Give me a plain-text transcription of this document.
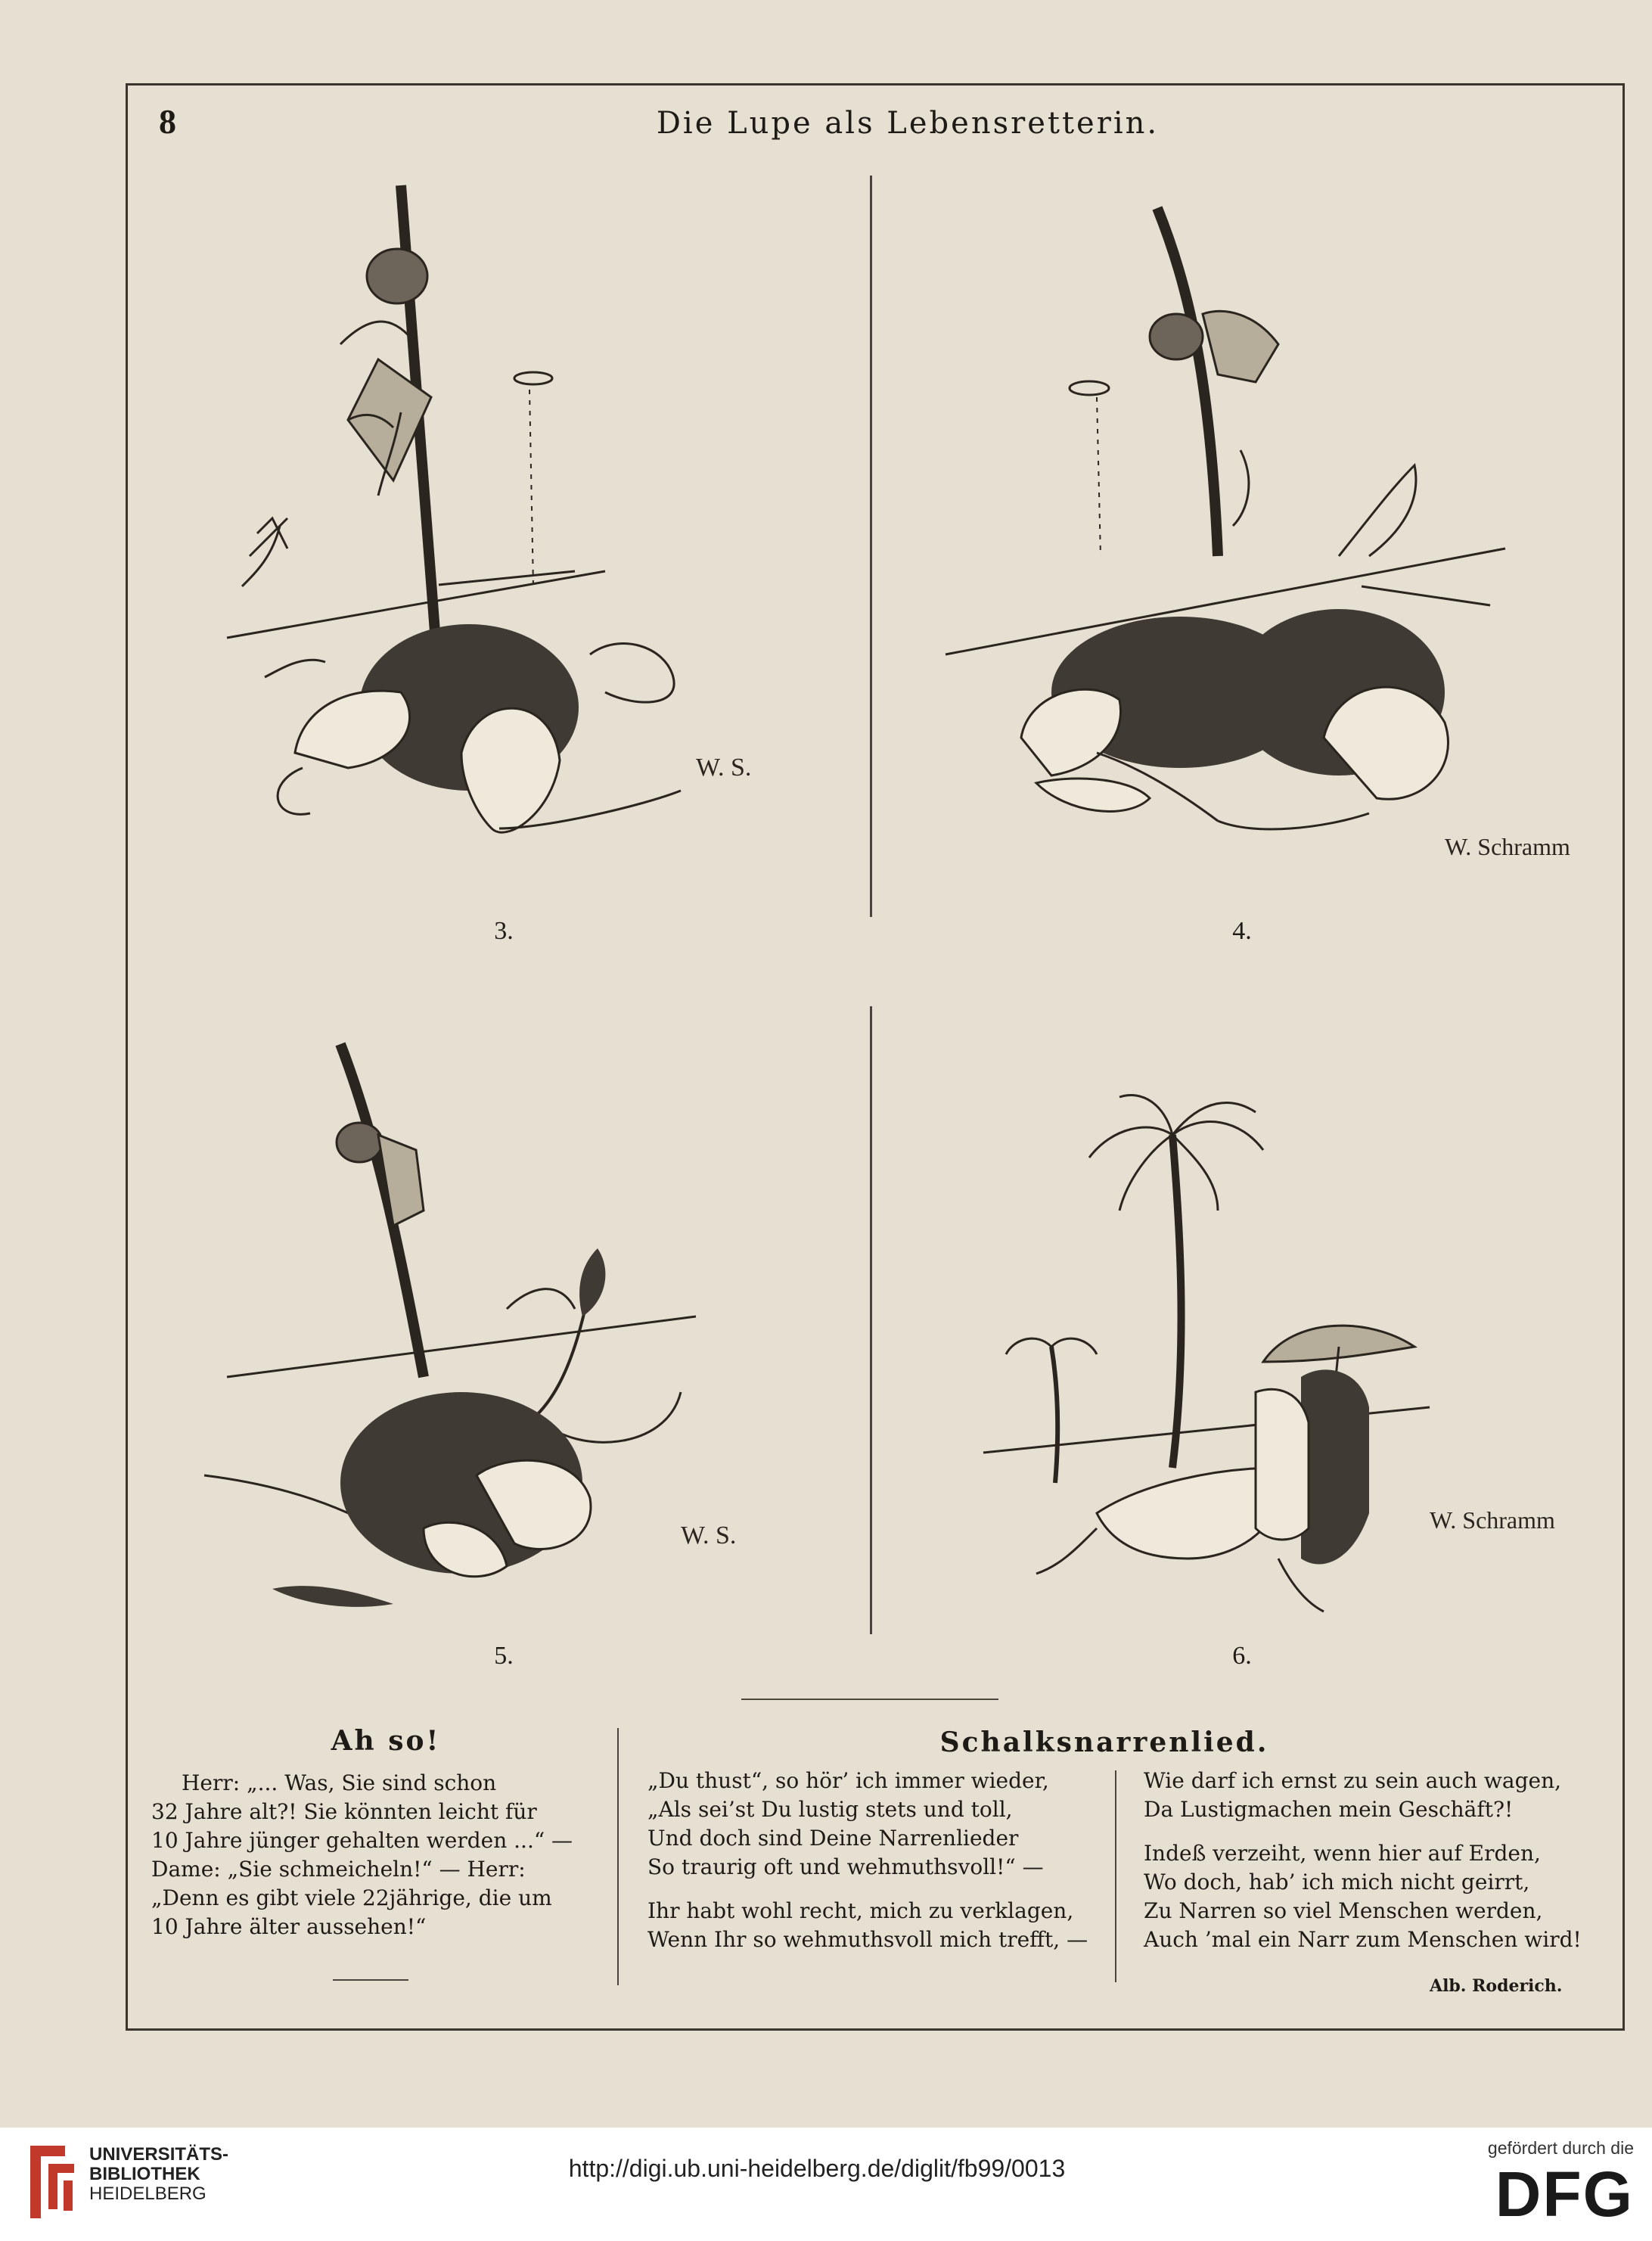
8	Die Lupe als Lebensretterin.
W. S.
3.
W. Schramm
4.
W. S.
5.
W. Schramm
6.
Ah so!

Herr: „... Was, Sie sind schon

32 Jahre alt?! Sie könnten leicht für

10 Jahre jünger gehalten werden ...“ —

Dame: „Sie schmeicheln!“ — Herr:

„Denn es gibt viele 22jährige, die um

10 Jahre älter aussehen!“

Schalksnarrenlied.

„Du thust“, so hör’ ich immer wieder,

„Als sei’st Du lustig stets und toll,

Und doch sind Deine Narrenlieder

So traurig oft und wehmuthsvoll!“ —

Ihr habt wohl recht, mich zu verklagen,

Wenn Ihr so wehmuthsvoll mich trefft, —

Wie darf ich ernst zu sein auch wagen,

Da Lustigmachen mein Geschäft?!

Indeß verzeiht, wenn hier auf Erden,

Wo doch, hab’ ich mich nicht geirrt,

Zu Narren so viel Menschen werden,

Auch ’mal ein Narr zum Menschen wird!

Alb. Roderich.
UNIVERSITÄTS-
BIBLIOTHEK
HEIDELBERG
http://digi.ub.uni-heidelberg.de/diglit/fb99/0013
gefördert durch die
DFG
